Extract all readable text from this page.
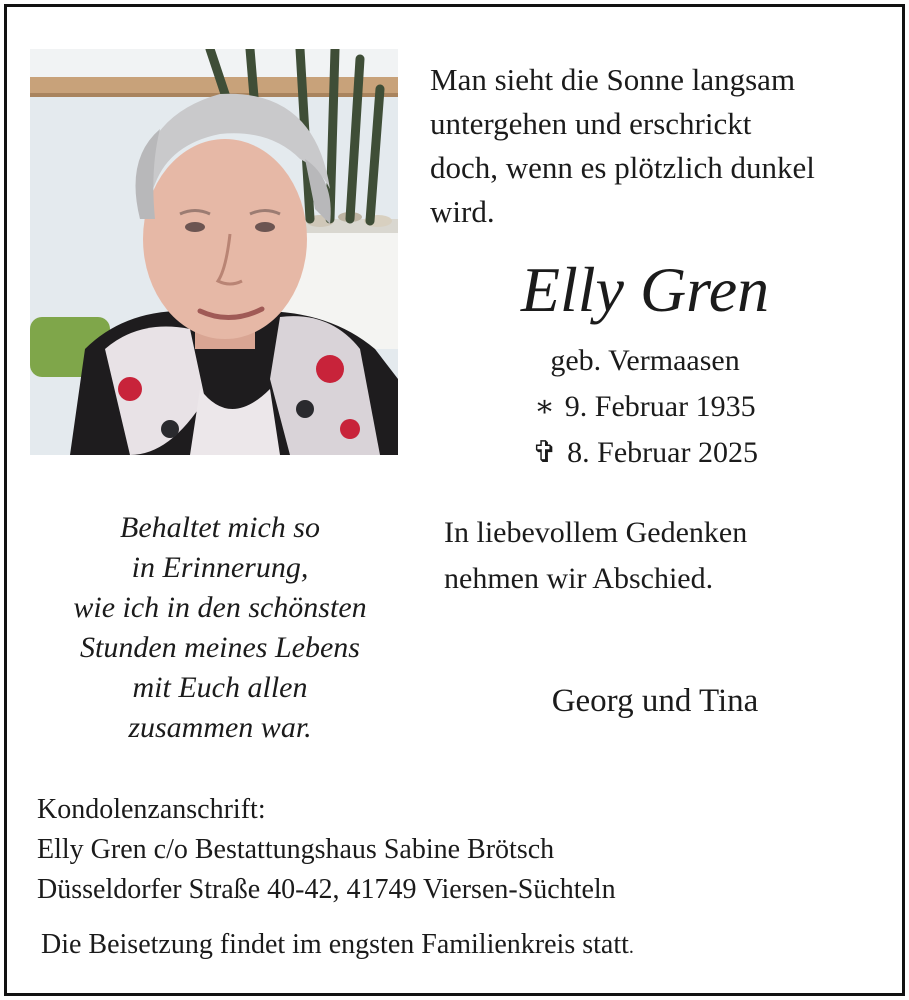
Man sieht die Sonne langsam
untergehen und erschrickt
doch, wenn es plötzlich dunkel
wird.
Elly Gren
geb. Vermaasen
∗ 9. Februar 1935
✞ 8. Februar 2025
Behaltet mich so
in Erinnerung,
wie ich in den schönsten
Stunden meines Lebens
mit Euch allen
zusammen war.
In liebevollem Gedenken
nehmen wir Abschied.
Georg und Tina
Kondolenzanschrift:
Elly Gren c/o Bestattungshaus Sabine Brötsch
Düsseldorfer Straße 40-42, 41749 Viersen-Süchteln
Die Beisetzung findet im engsten Familienkreis statt.
